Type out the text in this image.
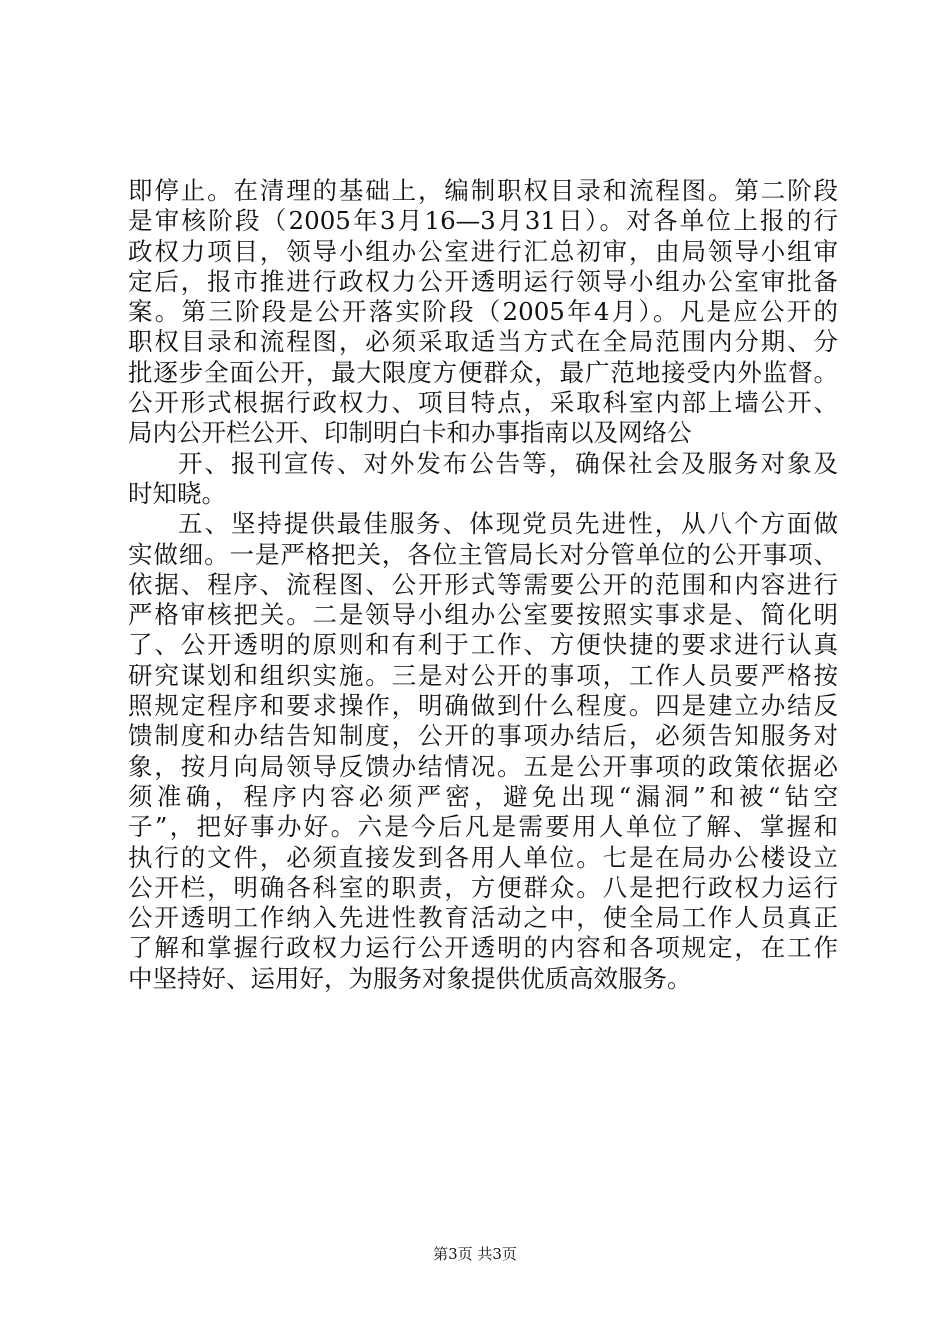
即停止。在清理的基础上，编制职权目录和流程图。第二阶段
是审核阶段（2005年3月16—3月31日）。对各单位上报的行
政权力项目，领导小组办公室进行汇总初审，由局领导小组审
定后，报市推进行政权力公开透明运行领导小组办公室审批备
案。第三阶段是公开落实阶段（2005年4月）。凡是应公开的
职权目录和流程图，必须采取适当方式在全局范围内分期、分
批逐步全面公开，最大限度方便群众，最广范地接受内外监督。
公开形式根据行政权力、项目特点，采取科室内部上墙公开、
局内公开栏公开、印制明白卡和办事指南以及网络公
开、报刊宣传、对外发布公告等，确保社会及服务对象及
时知晓。
五、坚持提供最佳服务、体现党员先进性，从八个方面做
实做细。一是严格把关，各位主管局长对分管单位的公开事项、
依据、程序、流程图、公开形式等需要公开的范围和内容进行
严格审核把关。二是领导小组办公室要按照实事求是、简化明
了、公开透明的原则和有利于工作、方便快捷的要求进行认真
研究谋划和组织实施。三是对公开的事项，工作人员要严格按
照规定程序和要求操作，明确做到什么程度。四是建立办结反
馈制度和办结告知制度，公开的事项办结后，必须告知服务对
象，按月向局领导反馈办结情况。五是公开事项的政策依据必
须准确，程序内容必须严密，避免出现“漏洞”和被“钻空
子”，把好事办好。六是今后凡是需要用人单位了解、掌握和
执行的文件，必须直接发到各用人单位。七是在局办公楼设立
公开栏，明确各科室的职责，方便群众。八是把行政权力运行
公开透明工作纳入先进性教育活动之中，使全局工作人员真正
了解和掌握行政权力运行公开透明的内容和各项规定，在工作
中坚持好、运用好，为服务对象提供优质高效服务。
第3页 共3页
